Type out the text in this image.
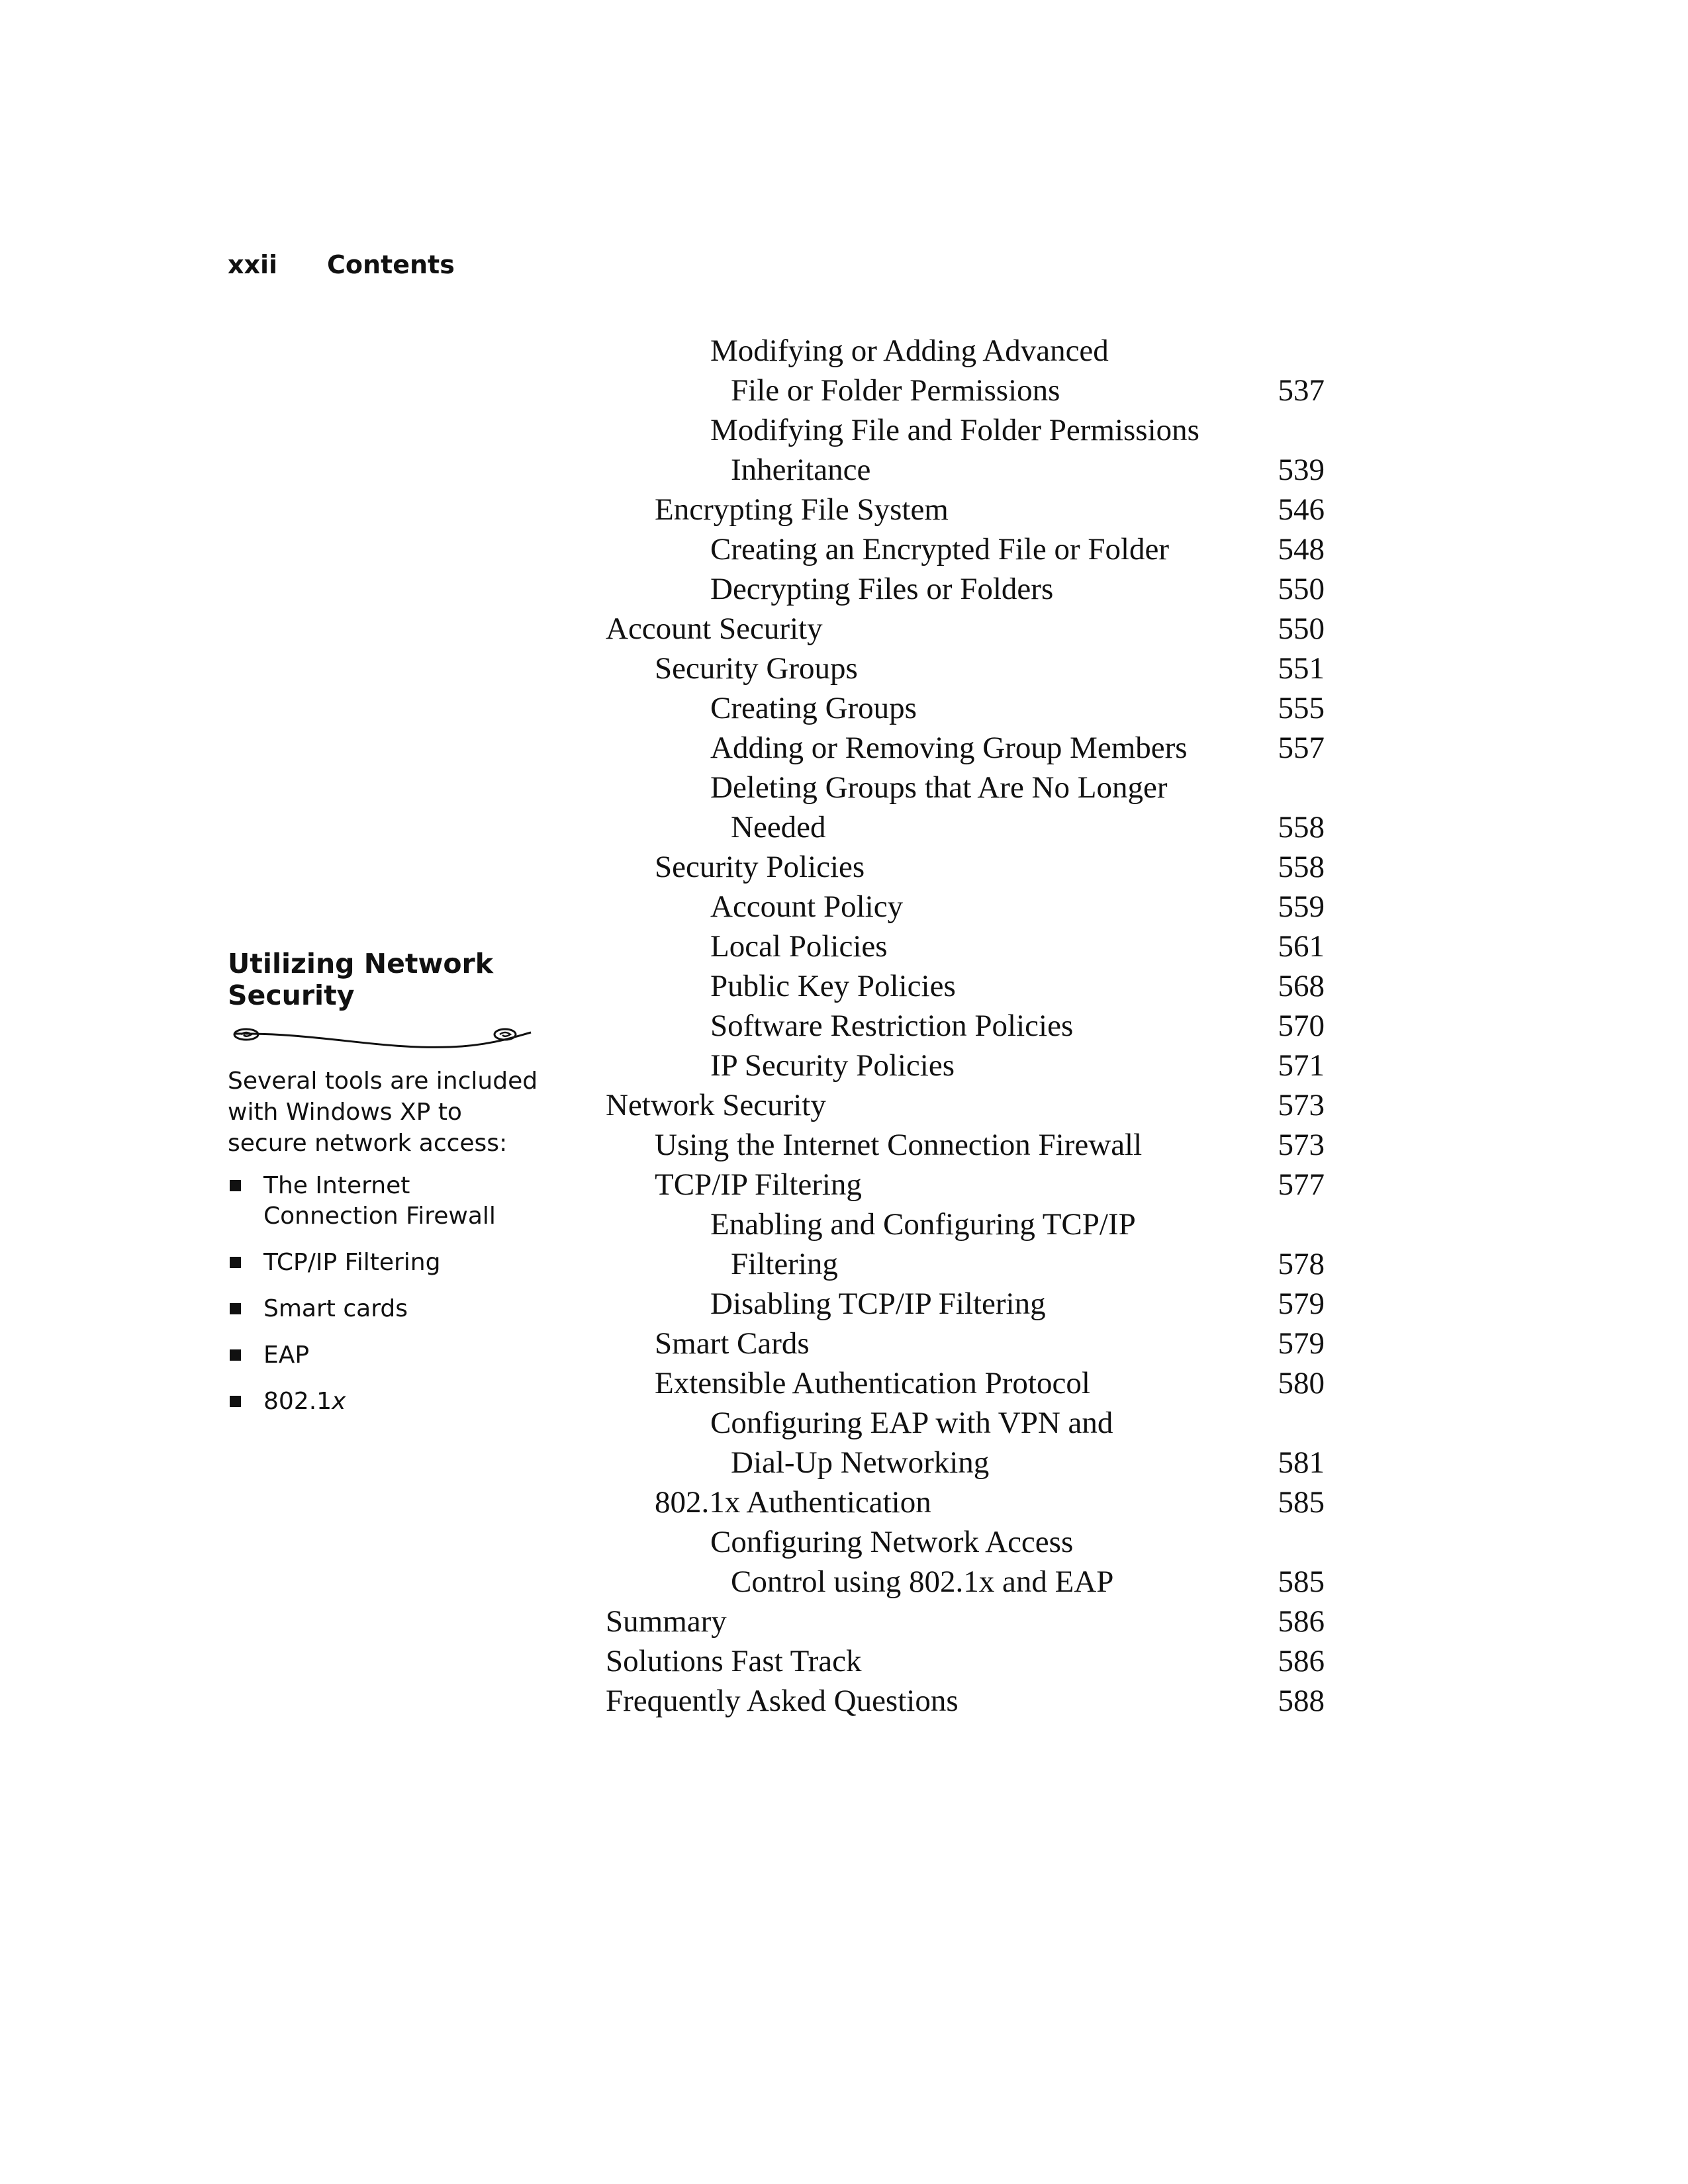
xxii Contents

Utilizing Network
Security

Several tools are included
with Windows XP to
secure network access:

The Internet
Connection Firewall
TCP/IP Filtering
Smart cards
EAP
802.1x
Modifying or Adding Advanced
File or Folder Permissions	537
Modifying File and Folder Permissions
Inheritance	539
Encrypting File System	546
Creating an Encrypted File or Folder	548
Decrypting Files or Folders	550
Account Security	550
Security Groups	551
Creating Groups	555
Adding or Removing Group Members	557
Deleting Groups that Are No Longer
Needed	558
Security Policies	558
Account Policy	559
Local Policies	561
Public Key Policies	568
Software Restriction Policies	570
IP Security Policies	571
Network Security	573
Using the Internet Connection Firewall	573
TCP/IP Filtering	577
Enabling and Configuring TCP/IP
Filtering	578
Disabling TCP/IP Filtering	579
Smart Cards	579
Extensible Authentication Protocol	580
Configuring EAP with VPN and
Dial-Up Networking	581
802.1x Authentication	585
Configuring Network Access
Control using 802.1x and EAP	585
Summary	586
Solutions Fast Track	586
Frequently Asked Questions	588
